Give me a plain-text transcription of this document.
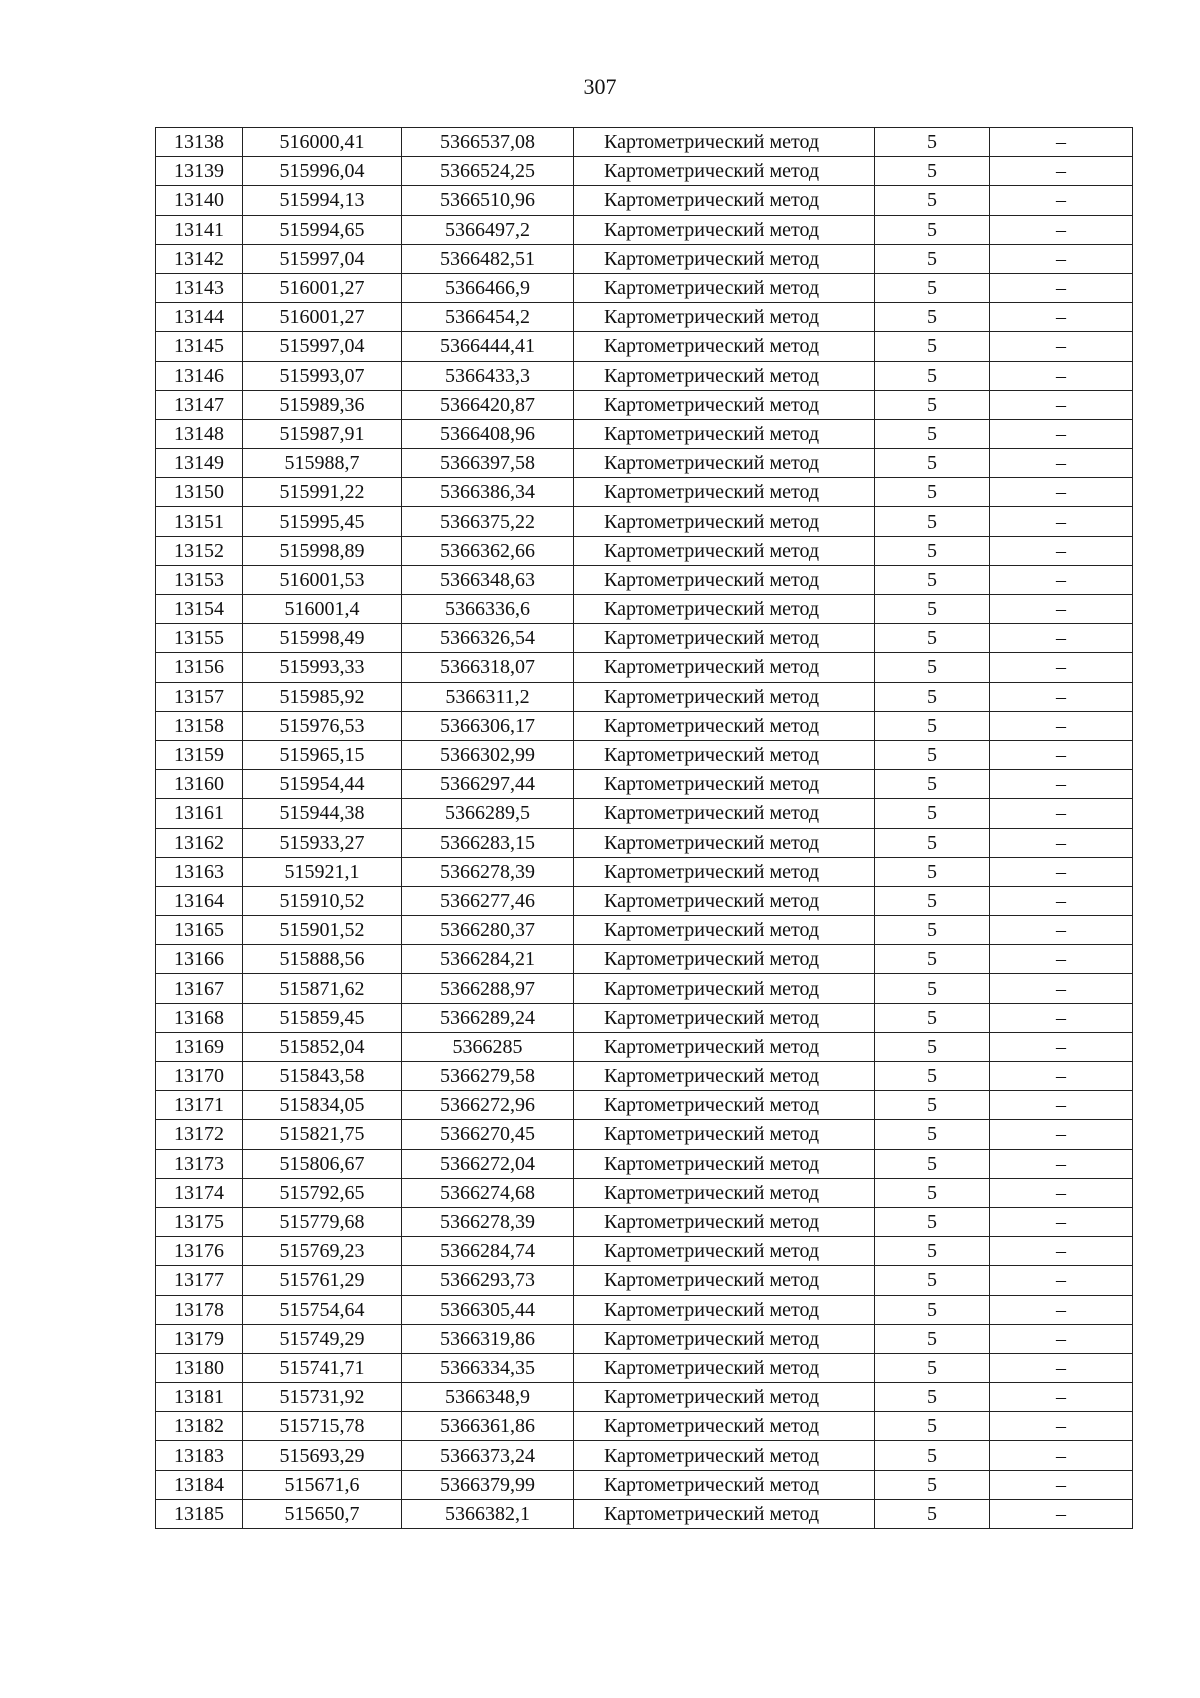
307
13138	516000,41	5366537,08	Картометрический метод	5	–
13139	515996,04	5366524,25	Картометрический метод	5	–
13140	515994,13	5366510,96	Картометрический метод	5	–
13141	515994,65	5366497,2	Картометрический метод	5	–
13142	515997,04	5366482,51	Картометрический метод	5	–
13143	516001,27	5366466,9	Картометрический метод	5	–
13144	516001,27	5366454,2	Картометрический метод	5	–
13145	515997,04	5366444,41	Картометрический метод	5	–
13146	515993,07	5366433,3	Картометрический метод	5	–
13147	515989,36	5366420,87	Картометрический метод	5	–
13148	515987,91	5366408,96	Картометрический метод	5	–
13149	515988,7	5366397,58	Картометрический метод	5	–
13150	515991,22	5366386,34	Картометрический метод	5	–
13151	515995,45	5366375,22	Картометрический метод	5	–
13152	515998,89	5366362,66	Картометрический метод	5	–
13153	516001,53	5366348,63	Картометрический метод	5	–
13154	516001,4	5366336,6	Картометрический метод	5	–
13155	515998,49	5366326,54	Картометрический метод	5	–
13156	515993,33	5366318,07	Картометрический метод	5	–
13157	515985,92	5366311,2	Картометрический метод	5	–
13158	515976,53	5366306,17	Картометрический метод	5	–
13159	515965,15	5366302,99	Картометрический метод	5	–
13160	515954,44	5366297,44	Картометрический метод	5	–
13161	515944,38	5366289,5	Картометрический метод	5	–
13162	515933,27	5366283,15	Картометрический метод	5	–
13163	515921,1	5366278,39	Картометрический метод	5	–
13164	515910,52	5366277,46	Картометрический метод	5	–
13165	515901,52	5366280,37	Картометрический метод	5	–
13166	515888,56	5366284,21	Картометрический метод	5	–
13167	515871,62	5366288,97	Картометрический метод	5	–
13168	515859,45	5366289,24	Картометрический метод	5	–
13169	515852,04	5366285	Картометрический метод	5	–
13170	515843,58	5366279,58	Картометрический метод	5	–
13171	515834,05	5366272,96	Картометрический метод	5	–
13172	515821,75	5366270,45	Картометрический метод	5	–
13173	515806,67	5366272,04	Картометрический метод	5	–
13174	515792,65	5366274,68	Картометрический метод	5	–
13175	515779,68	5366278,39	Картометрический метод	5	–
13176	515769,23	5366284,74	Картометрический метод	5	–
13177	515761,29	5366293,73	Картометрический метод	5	–
13178	515754,64	5366305,44	Картометрический метод	5	–
13179	515749,29	5366319,86	Картометрический метод	5	–
13180	515741,71	5366334,35	Картометрический метод	5	–
13181	515731,92	5366348,9	Картометрический метод	5	–
13182	515715,78	5366361,86	Картометрический метод	5	–
13183	515693,29	5366373,24	Картометрический метод	5	–
13184	515671,6	5366379,99	Картометрический метод	5	–
13185	515650,7	5366382,1	Картометрический метод	5	–
